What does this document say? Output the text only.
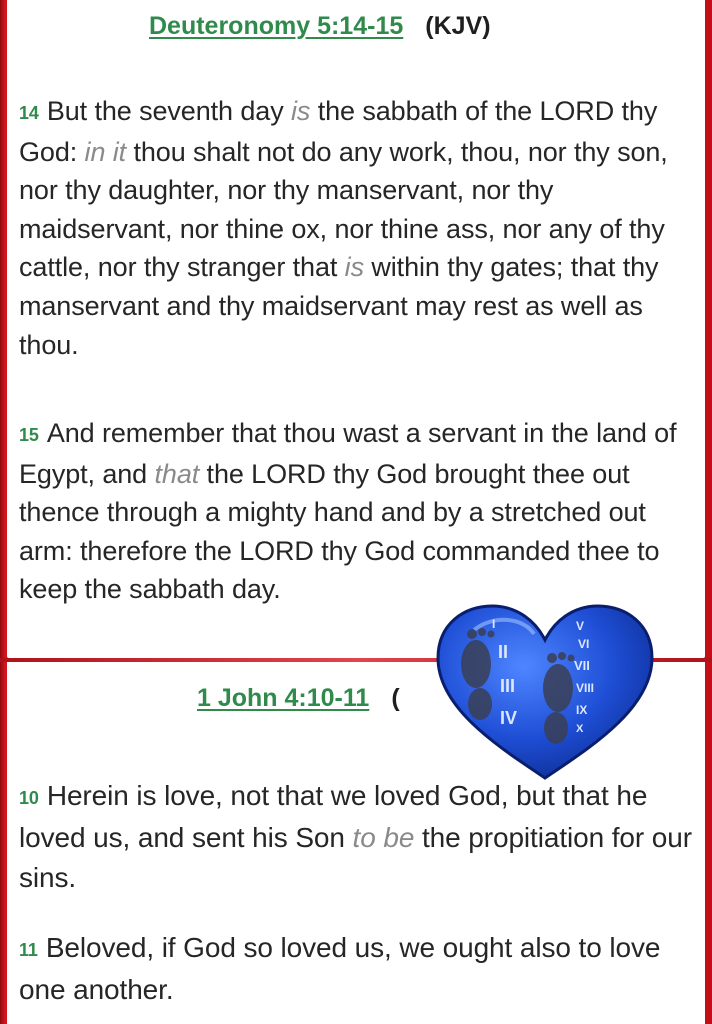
Deuteronomy 5:14-15 (KJV)
14 But the seventh day is the sabbath of the LORD thy God: in it thou shalt not do any work, thou, nor thy son, nor thy daughter, nor thy manservant, nor thy maidservant, nor thine ox, nor thine ass, nor any of thy cattle, nor thy stranger that is within thy gates; that thy manservant and thy maidservant may rest as well as thou.
15 And remember that thou wast a servant in the land of Egypt, and that the LORD thy God brought thee out thence through a mighty hand and by a stretched out arm: therefore the LORD thy God commanded thee to keep the sabbath day.
1 John 4:10-11 (
10 Herein is love, not that we loved God, but that he loved us, and sent his Son to be the propitiation for our sins.
11 Beloved, if God so loved us, we ought also to love one another.
I
II
III
IV
V
VI
VII
VIII
IX
X
